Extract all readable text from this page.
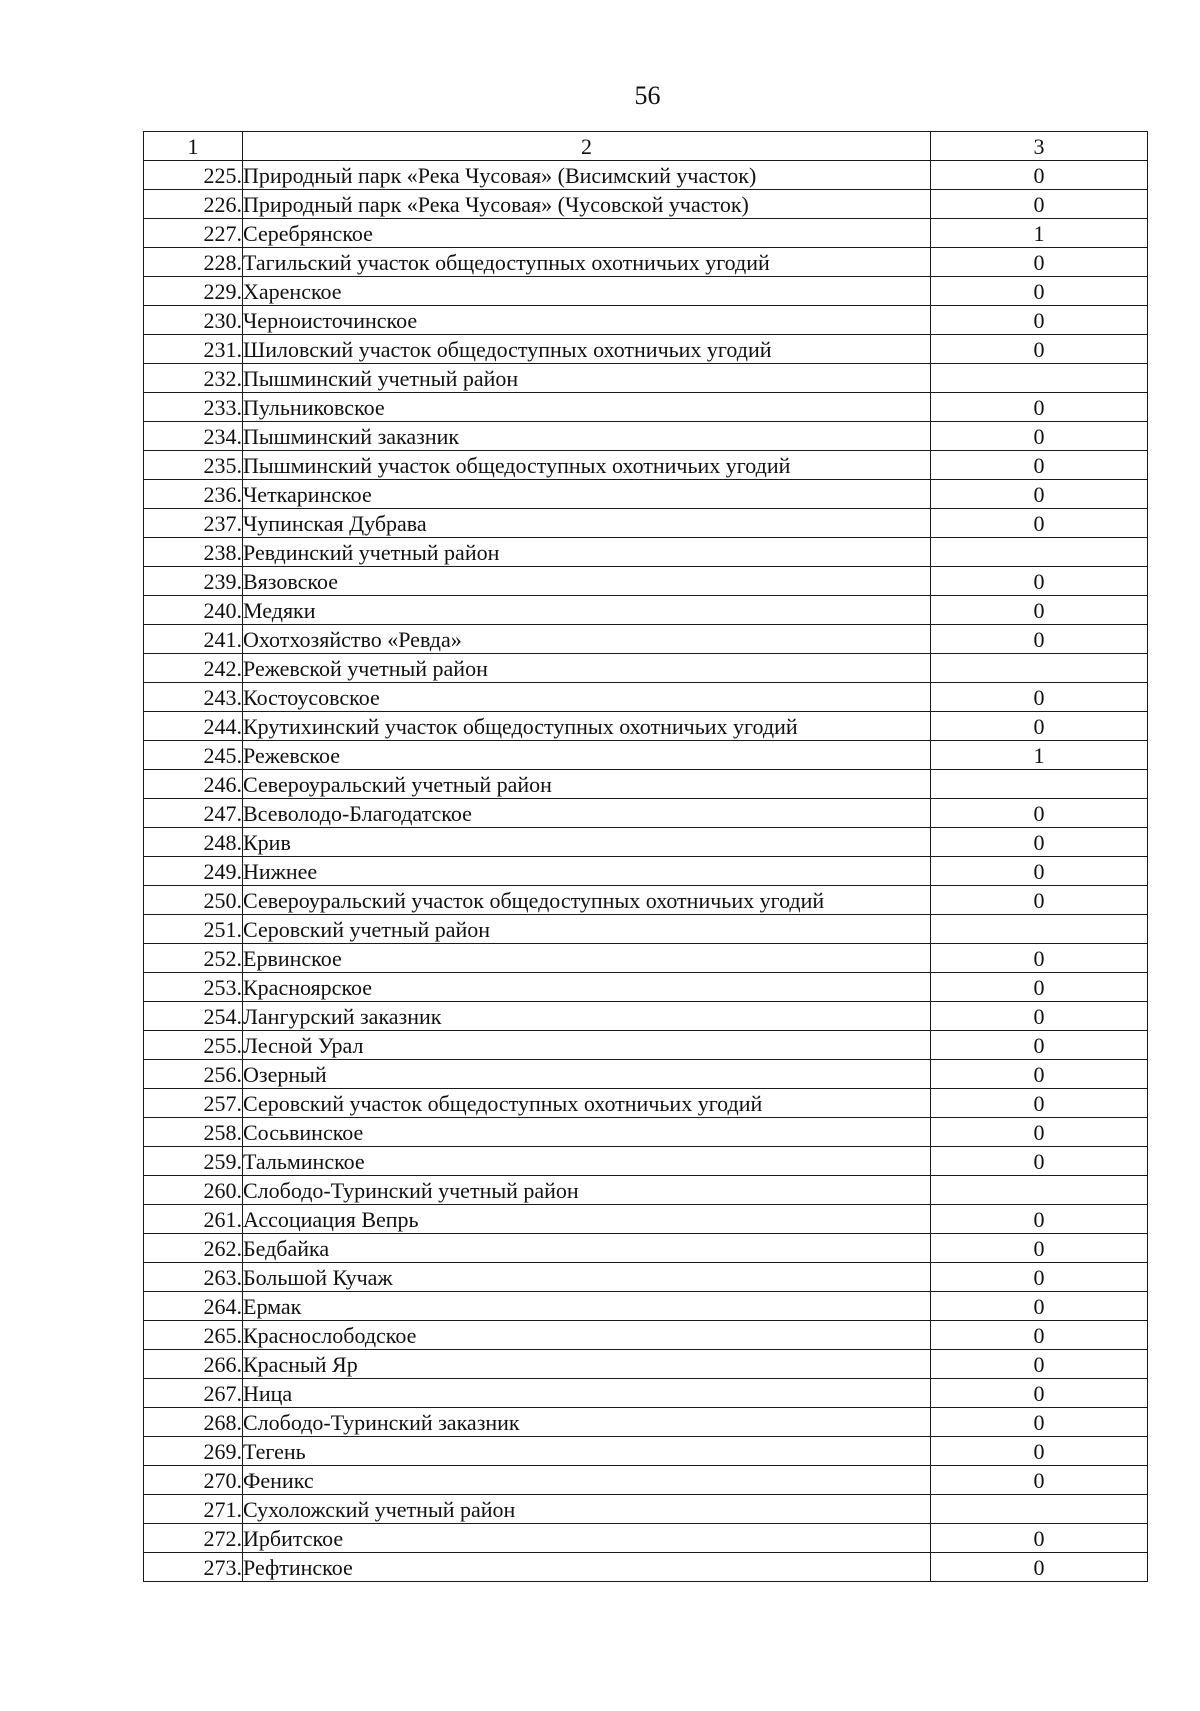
56
1	2	3
225.	Природный парк «Река Чусовая» (Висимский участок)	0
226.	Природный парк «Река Чусовая» (Чусовской участок)	0
227.	Серебрянское	1
228.	Тагильский участок общедоступных охотничьих угодий	0
229.	Харенское	0
230.	Черноисточинское	0
231.	Шиловский участок общедоступных охотничьих угодий	0
232.	Пышминский учетный район	
233.	Пульниковское	0
234.	Пышминский заказник	0
235.	Пышминский участок общедоступных охотничьих угодий	0
236.	Четкаринское	0
237.	Чупинская Дубрава	0
238.	Ревдинский учетный район	
239.	Вязовское	0
240.	Медяки	0
241.	Охотхозяйство «Ревда»	0
242.	Режевской учетный район	
243.	Костоусовское	0
244.	Крутихинский участок общедоступных охотничьих угодий	0
245.	Режевское	1
246.	Североуральский учетный район	
247.	Всеволодо-Благодатское	0
248.	Крив	0
249.	Нижнее	0
250.	Североуральский участок общедоступных охотничьих угодий	0
251.	Серовский учетный район	
252.	Ервинское	0
253.	Красноярское	0
254.	Лангурский заказник	0
255.	Лесной Урал	0
256.	Озерный	0
257.	Серовский участок общедоступных охотничьих угодий	0
258.	Сосьвинское	0
259.	Тальминское	0
260.	Слободо-Туринский учетный район	
261.	Ассоциация Вепрь	0
262.	Бедбайка	0
263.	Большой Кучаж	0
264.	Ермак	0
265.	Краснослободское	0
266.	Красный Яр	0
267.	Ница	0
268.	Слободо-Туринский заказник	0
269.	Тегень	0
270.	Феникс	0
271.	Сухоложский учетный район	
272.	Ирбитское	0
273.	Рефтинское	0
